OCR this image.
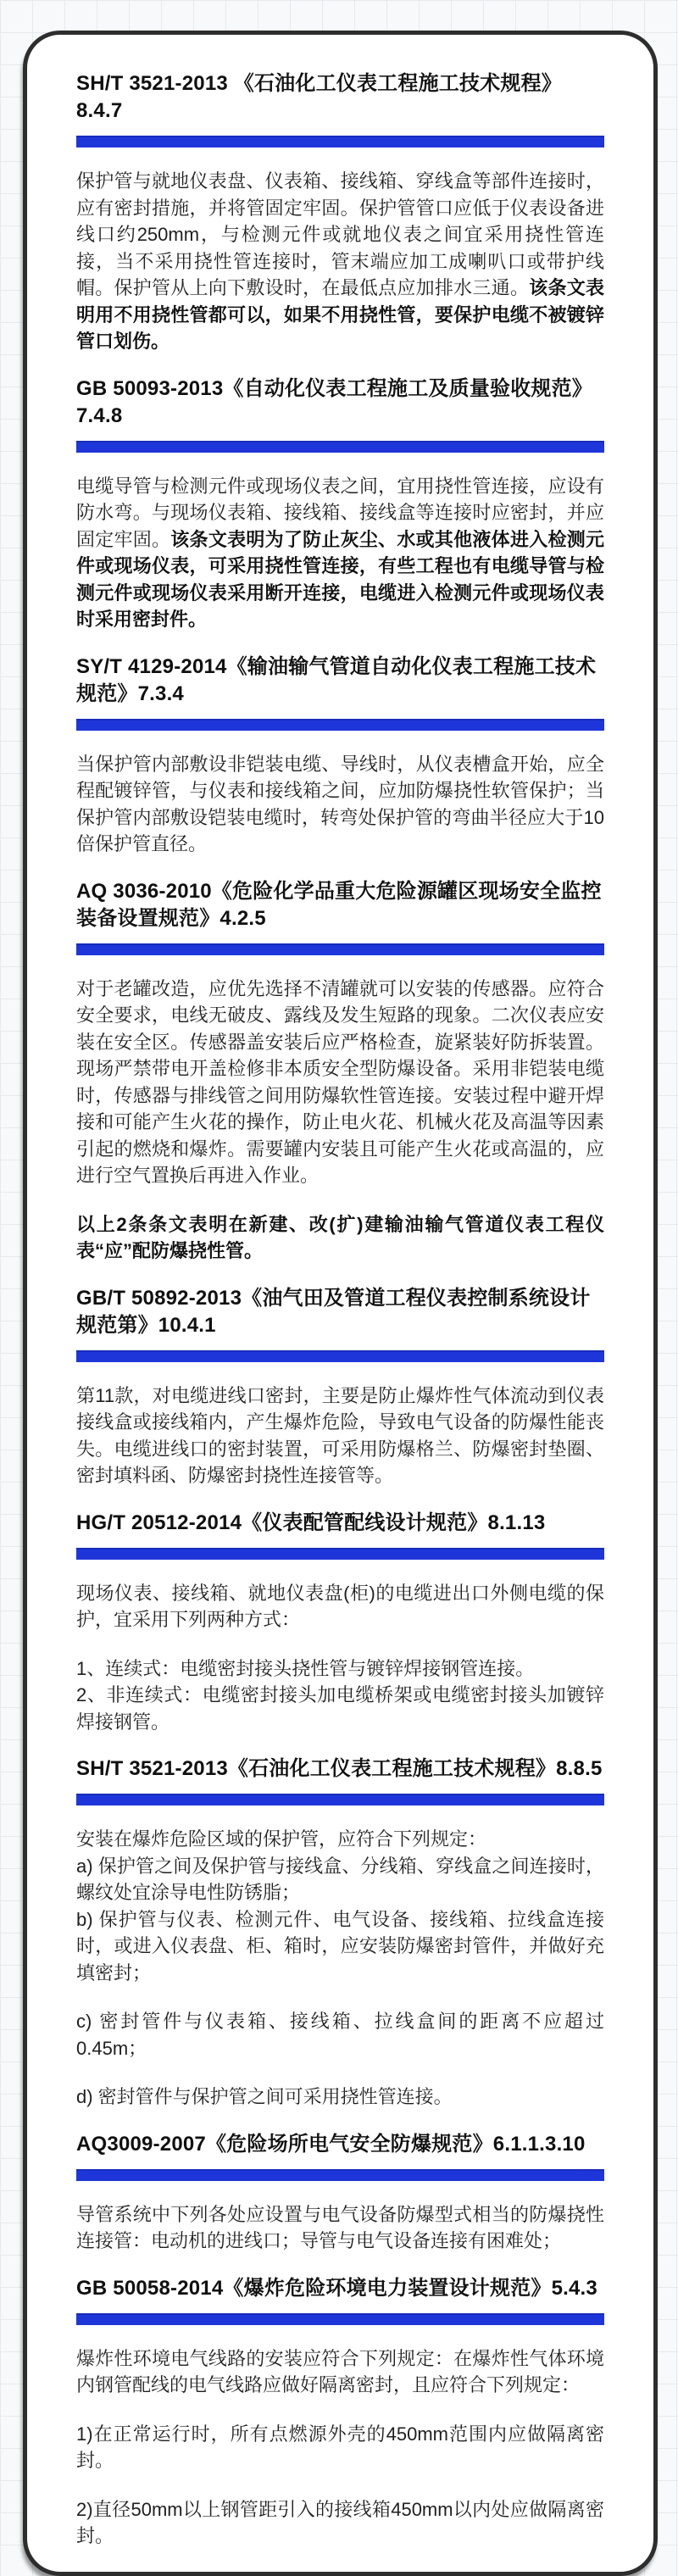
SH/T 3521-2013 《石油化工仪表工程施工技术规程》8.4.7
保护管与就地仪表盘、仪表箱、接线箱、穿线盒等部件连接时，应有密封措施，并将管固定牢固。保护管管口应低于仪表设备进线口约250mm，与检测元件或就地仪表之间宜采用挠性管连接，当不采用挠性管连接时，管末端应加工成喇叭口或带护线帽。保护管从上向下敷设时，在最低点应加排水三通。该条文表明用不用挠性管都可以，如果不用挠性管，要保护电缆不被镀锌管口划伤。
GB 50093-2013《自动化仪表工程施工及质量验收规范》7.4.8
电缆导管与检测元件或现场仪表之间，宜用挠性管连接，应设有防水弯。与现场仪表箱、接线箱、接线盒等连接时应密封，并应固定牢固。该条文表明为了防止灰尘、水或其他液体进入检测元件或现场仪表，可采用挠性管连接，有些工程也有电缆导管与检测元件或现场仪表采用断开连接，电缆进入检测元件或现场仪表时采用密封件。
SY/T 4129-2014《输油输气管道自动化仪表工程施工技术规范》7.3.4
当保护管内部敷设非铠装电缆、导线时，从仪表槽盒开始，应全程配镀锌管，与仪表和接线箱之间，应加防爆挠性软管保护；当保护管内部敷设铠装电缆时，转弯处保护管的弯曲半径应大于10倍保护管直径。
AQ 3036-2010《危险化学品重大危险源罐区现场安全监控装备设置规范》4.2.5
对于老罐改造，应优先选择不清罐就可以安装的传感器。应符合安全要求，电线无破皮、露线及发生短路的现象。二次仪表应安装在安全区。传感器盖安装后应严格检查，旋紧装好防拆装置。现场严禁带电开盖检修非本质安全型防爆设备。采用非铠装电缆时，传感器与排线管之间用防爆软性管连接。安装过程中避开焊接和可能产生火花的操作，防止电火花、机械火花及高温等因素引起的燃烧和爆炸。需要罐内安装且可能产生火花或高温的，应进行空气置换后再进入作业。
以上2条条文表明在新建、改(扩)建输油输气管道仪表工程仪表“应”配防爆挠性管。
GB/T 50892-2013《油气田及管道工程仪表控制系统设计规范第》10.4.1
第11款，对电缆进线口密封，主要是防止爆炸性气体流动到仪表接线盒或接线箱内，产生爆炸危险，导致电气设备的防爆性能丧失。电缆进线口的密封装置，可采用防爆格兰、防爆密封垫圈、密封填料函、防爆密封挠性连接管等。
HG/T 20512-2014《仪表配管配线设计规范》8.1.13
现场仪表、接线箱、就地仪表盘(柜)的电缆进出口外侧电缆的保护，宜采用下列两种方式：
1、连续式：电缆密封接头挠性管与镀锌焊接钢管连接。
2、非连续式：电缆密封接头加电缆桥架或电缆密封接头加镀锌焊接钢管。
SH/T 3521-2013《石油化工仪表工程施工技术规程》8.8.5
安装在爆炸危险区域的保护管，应符合下列规定：
a) 保护管之间及保护管与接线盒、分线箱、穿线盒之间连接时，螺纹处宜涂导电性防锈脂；
b) 保护管与仪表、检测元件、电气设备、接线箱、拉线盒连接时，或进入仪表盘、柜、箱时，应安装防爆密封管件，并做好充填密封；
c) 密封管件与仪表箱、接线箱、拉线盒间的距离不应超过0.45m；
d) 密封管件与保护管之间可采用挠性管连接。
AQ3009-2007《危险场所电气安全防爆规范》6.1.1.3.10
导管系统中下列各处应设置与电气设备防爆型式相当的防爆挠性连接管：电动机的进线口；导管与电气设备连接有困难处；
GB 50058-2014《爆炸危险环境电力装置设计规范》5.4.3
爆炸性环境电气线路的安装应符合下列规定：在爆炸性气体环境内钢管配线的电气线路应做好隔离密封，且应符合下列规定：
1)在正常运行时，所有点燃源外壳的450mm范围内应做隔离密封。
2)直径50mm以上钢管距引入的接线箱450mm以内处应做隔离密封。
